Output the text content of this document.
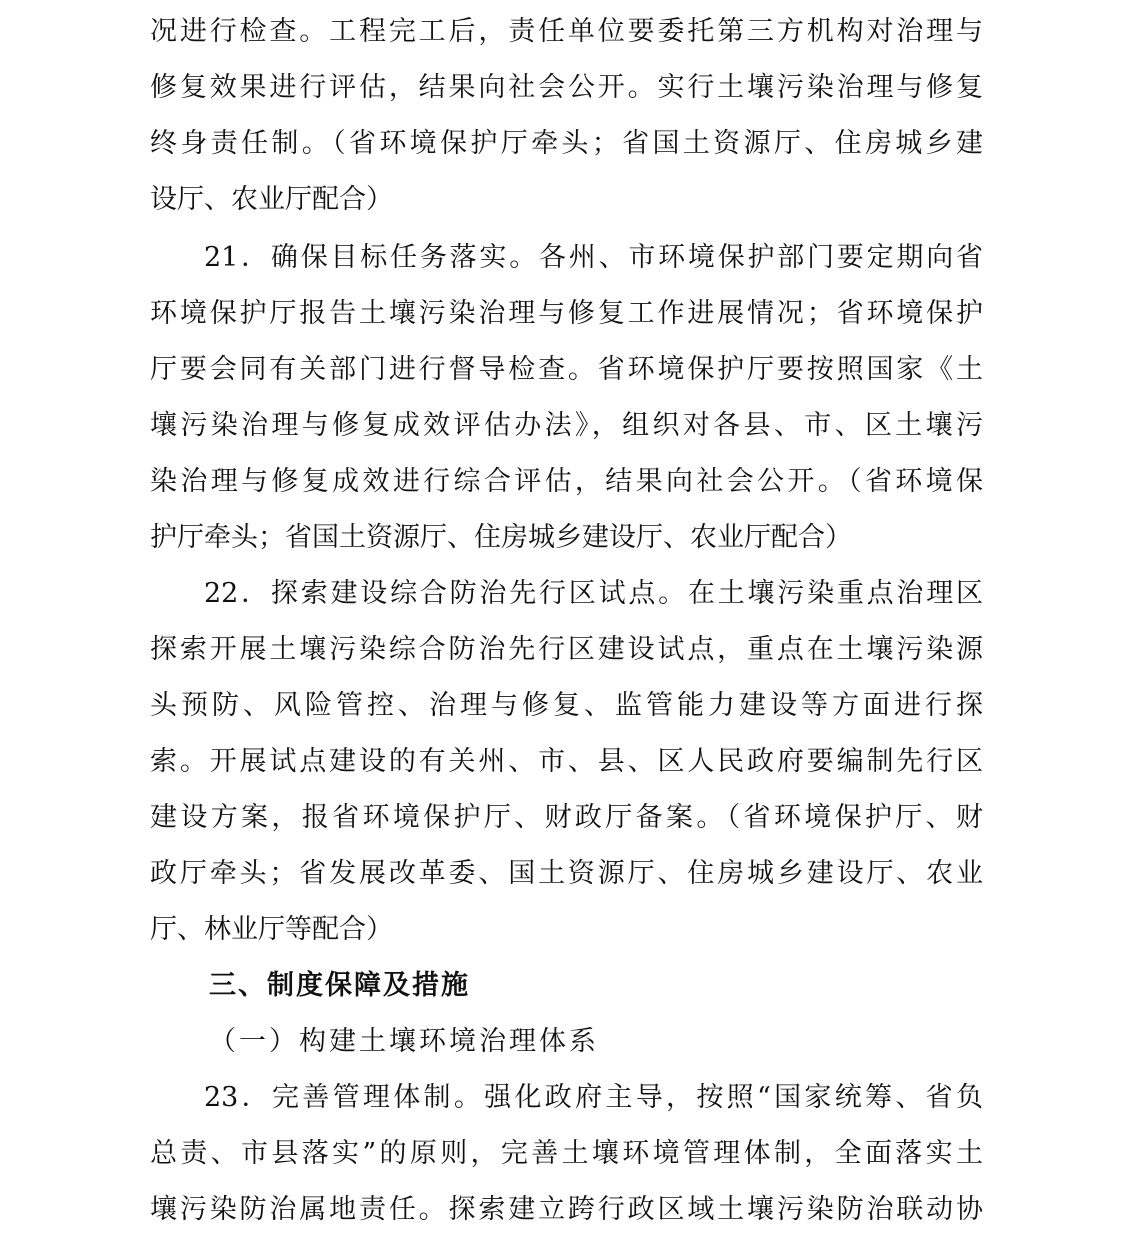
况进行检查。工程完工后，责任单位要委托第三方机构对治理与
修复效果进行评估，结果向社会公开。实行土壤污染治理与修复
终身责任制。（省环境保护厅牵头；省国土资源厅、住房城乡建
设厅、农业厅配合）
21．确保目标任务落实。各州、市环境保护部门要定期向省
环境保护厅报告土壤污染治理与修复工作进展情况；省环境保护
厅要会同有关部门进行督导检查。省环境保护厅要按照国家《土
壤污染治理与修复成效评估办法》，组织对各县、市、区土壤污
染治理与修复成效进行综合评估，结果向社会公开。（省环境保
护厅牵头；省国土资源厅、住房城乡建设厅、农业厅配合）
22．探索建设综合防治先行区试点。在土壤污染重点治理区
探索开展土壤污染综合防治先行区建设试点，重点在土壤污染源
头预防、风险管控、治理与修复、监管能力建设等方面进行探
索。开展试点建设的有关州、市、县、区人民政府要编制先行区
建设方案，报省环境保护厅、财政厅备案。（省环境保护厅、财
政厅牵头；省发展改革委、国土资源厅、住房城乡建设厅、农业
厅、林业厅等配合）
三、制度保障及措施
（一）构建土壤环境治理体系
23．完善管理体制。强化政府主导，按照“国家统筹、省负
总责、市县落实”的原则，完善土壤环境管理体制，全面落实土
壤污染防治属地责任。探索建立跨行政区域土壤污染防治联动协
